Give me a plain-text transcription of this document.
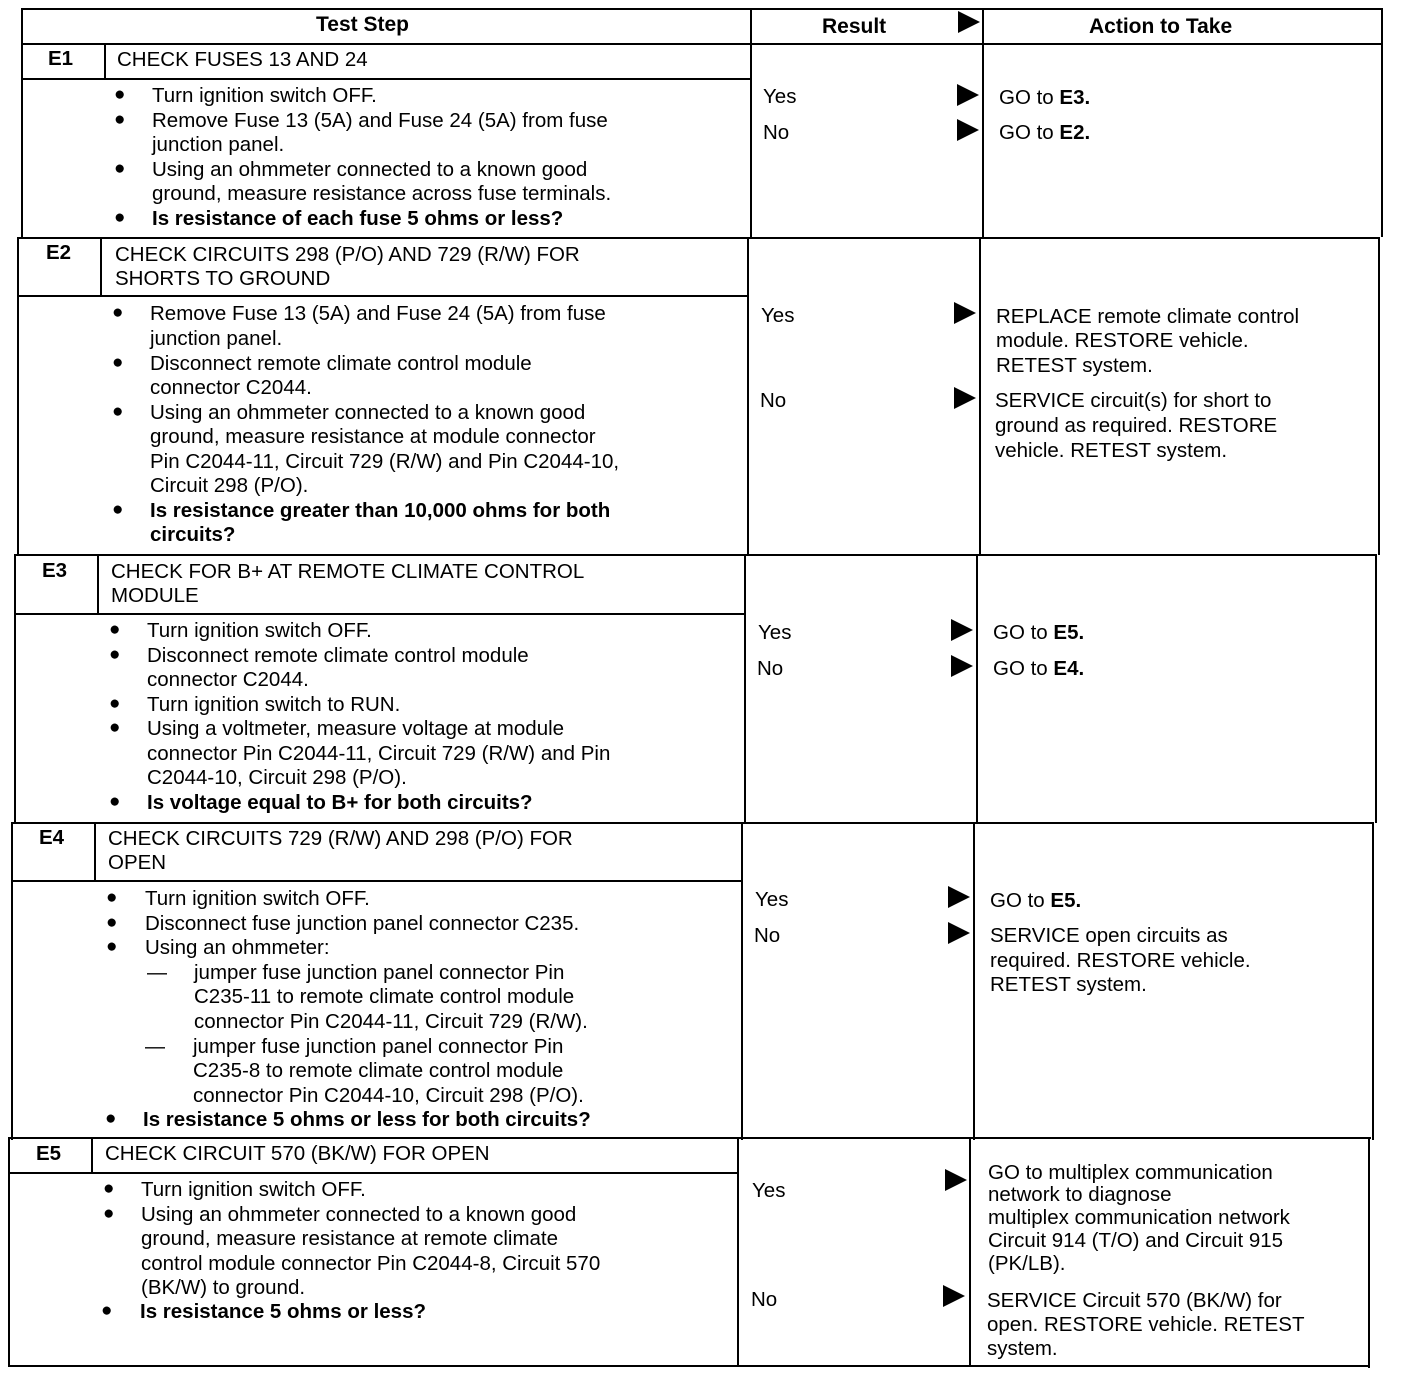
Test Step	Result	Action to Take
E1 CHECK FUSES 13 AND 24
● Turn ignition switch OFF.
● Remove Fuse 13 (5A) and Fuse 24 (5A) from fuse
junction panel.
● Using an ohmmeter connected to a known good
ground, measure resistance across fuse terminals.
● Is resistance of each fuse 5 ohms or less?
Yes
No
GO to E3.
GO to E2.
E2 CHECK CIRCUITS 298 (P/O) AND 729 (R/W) FOR
SHORTS TO GROUND
● Remove Fuse 13 (5A) and Fuse 24 (5A) from fuse
junction panel.
● Disconnect remote climate control module
connector C2044.
● Using an ohmmeter connected to a known good
ground, measure resistance at module connector
Pin C2044-11, Circuit 729 (R/W) and Pin C2044-10,
Circuit 298 (P/O).
● Is resistance greater than 10,000 ohms for both
circuits?
Yes
No
REPLACE remote climate control
module. RESTORE vehicle.
RETEST system.
SERVICE circuit(s) for short to
ground as required. RESTORE
vehicle. RETEST system.
E3 CHECK FOR B+ AT REMOTE CLIMATE CONTROL
MODULE
● Turn ignition switch OFF.
● Disconnect remote climate control module
connector C2044.
● Turn ignition switch to RUN.
● Using a voltmeter, measure voltage at module
connector Pin C2044-11, Circuit 729 (R/W) and Pin
C2044-10, Circuit 298 (P/O).
● Is voltage equal to B+ for both circuits?
Yes
No
GO to E5.
GO to E4.
E4 CHECK CIRCUITS 729 (R/W) AND 298 (P/O) FOR
OPEN
● Turn ignition switch OFF.
● Disconnect fuse junction panel connector C235.
● Using an ohmmeter:
— jumper fuse junction panel connector Pin
C235-11 to remote climate control module
connector Pin C2044-11, Circuit 729 (R/W).
— jumper fuse junction panel connector Pin
C235-8 to remote climate control module
connector Pin C2044-10, Circuit 298 (P/O).
● Is resistance 5 ohms or less for both circuits?
Yes
No
GO to E5.
SERVICE open circuits as
required. RESTORE vehicle.
RETEST system.
E5 CHECK CIRCUIT 570 (BK/W) FOR OPEN
● Turn ignition switch OFF.
● Using an ohmmeter connected to a known good
ground, measure resistance at remote climate
control module connector Pin C2044-8, Circuit 570
(BK/W) to ground.
● Is resistance 5 ohms or less?
Yes
No
GO to multiplex communication
network to diagnose
multiplex communication network
Circuit 914 (T/O) and Circuit 915
(PK/LB).
SERVICE Circuit 570 (BK/W) for
open. RESTORE vehicle. RETEST
system.
